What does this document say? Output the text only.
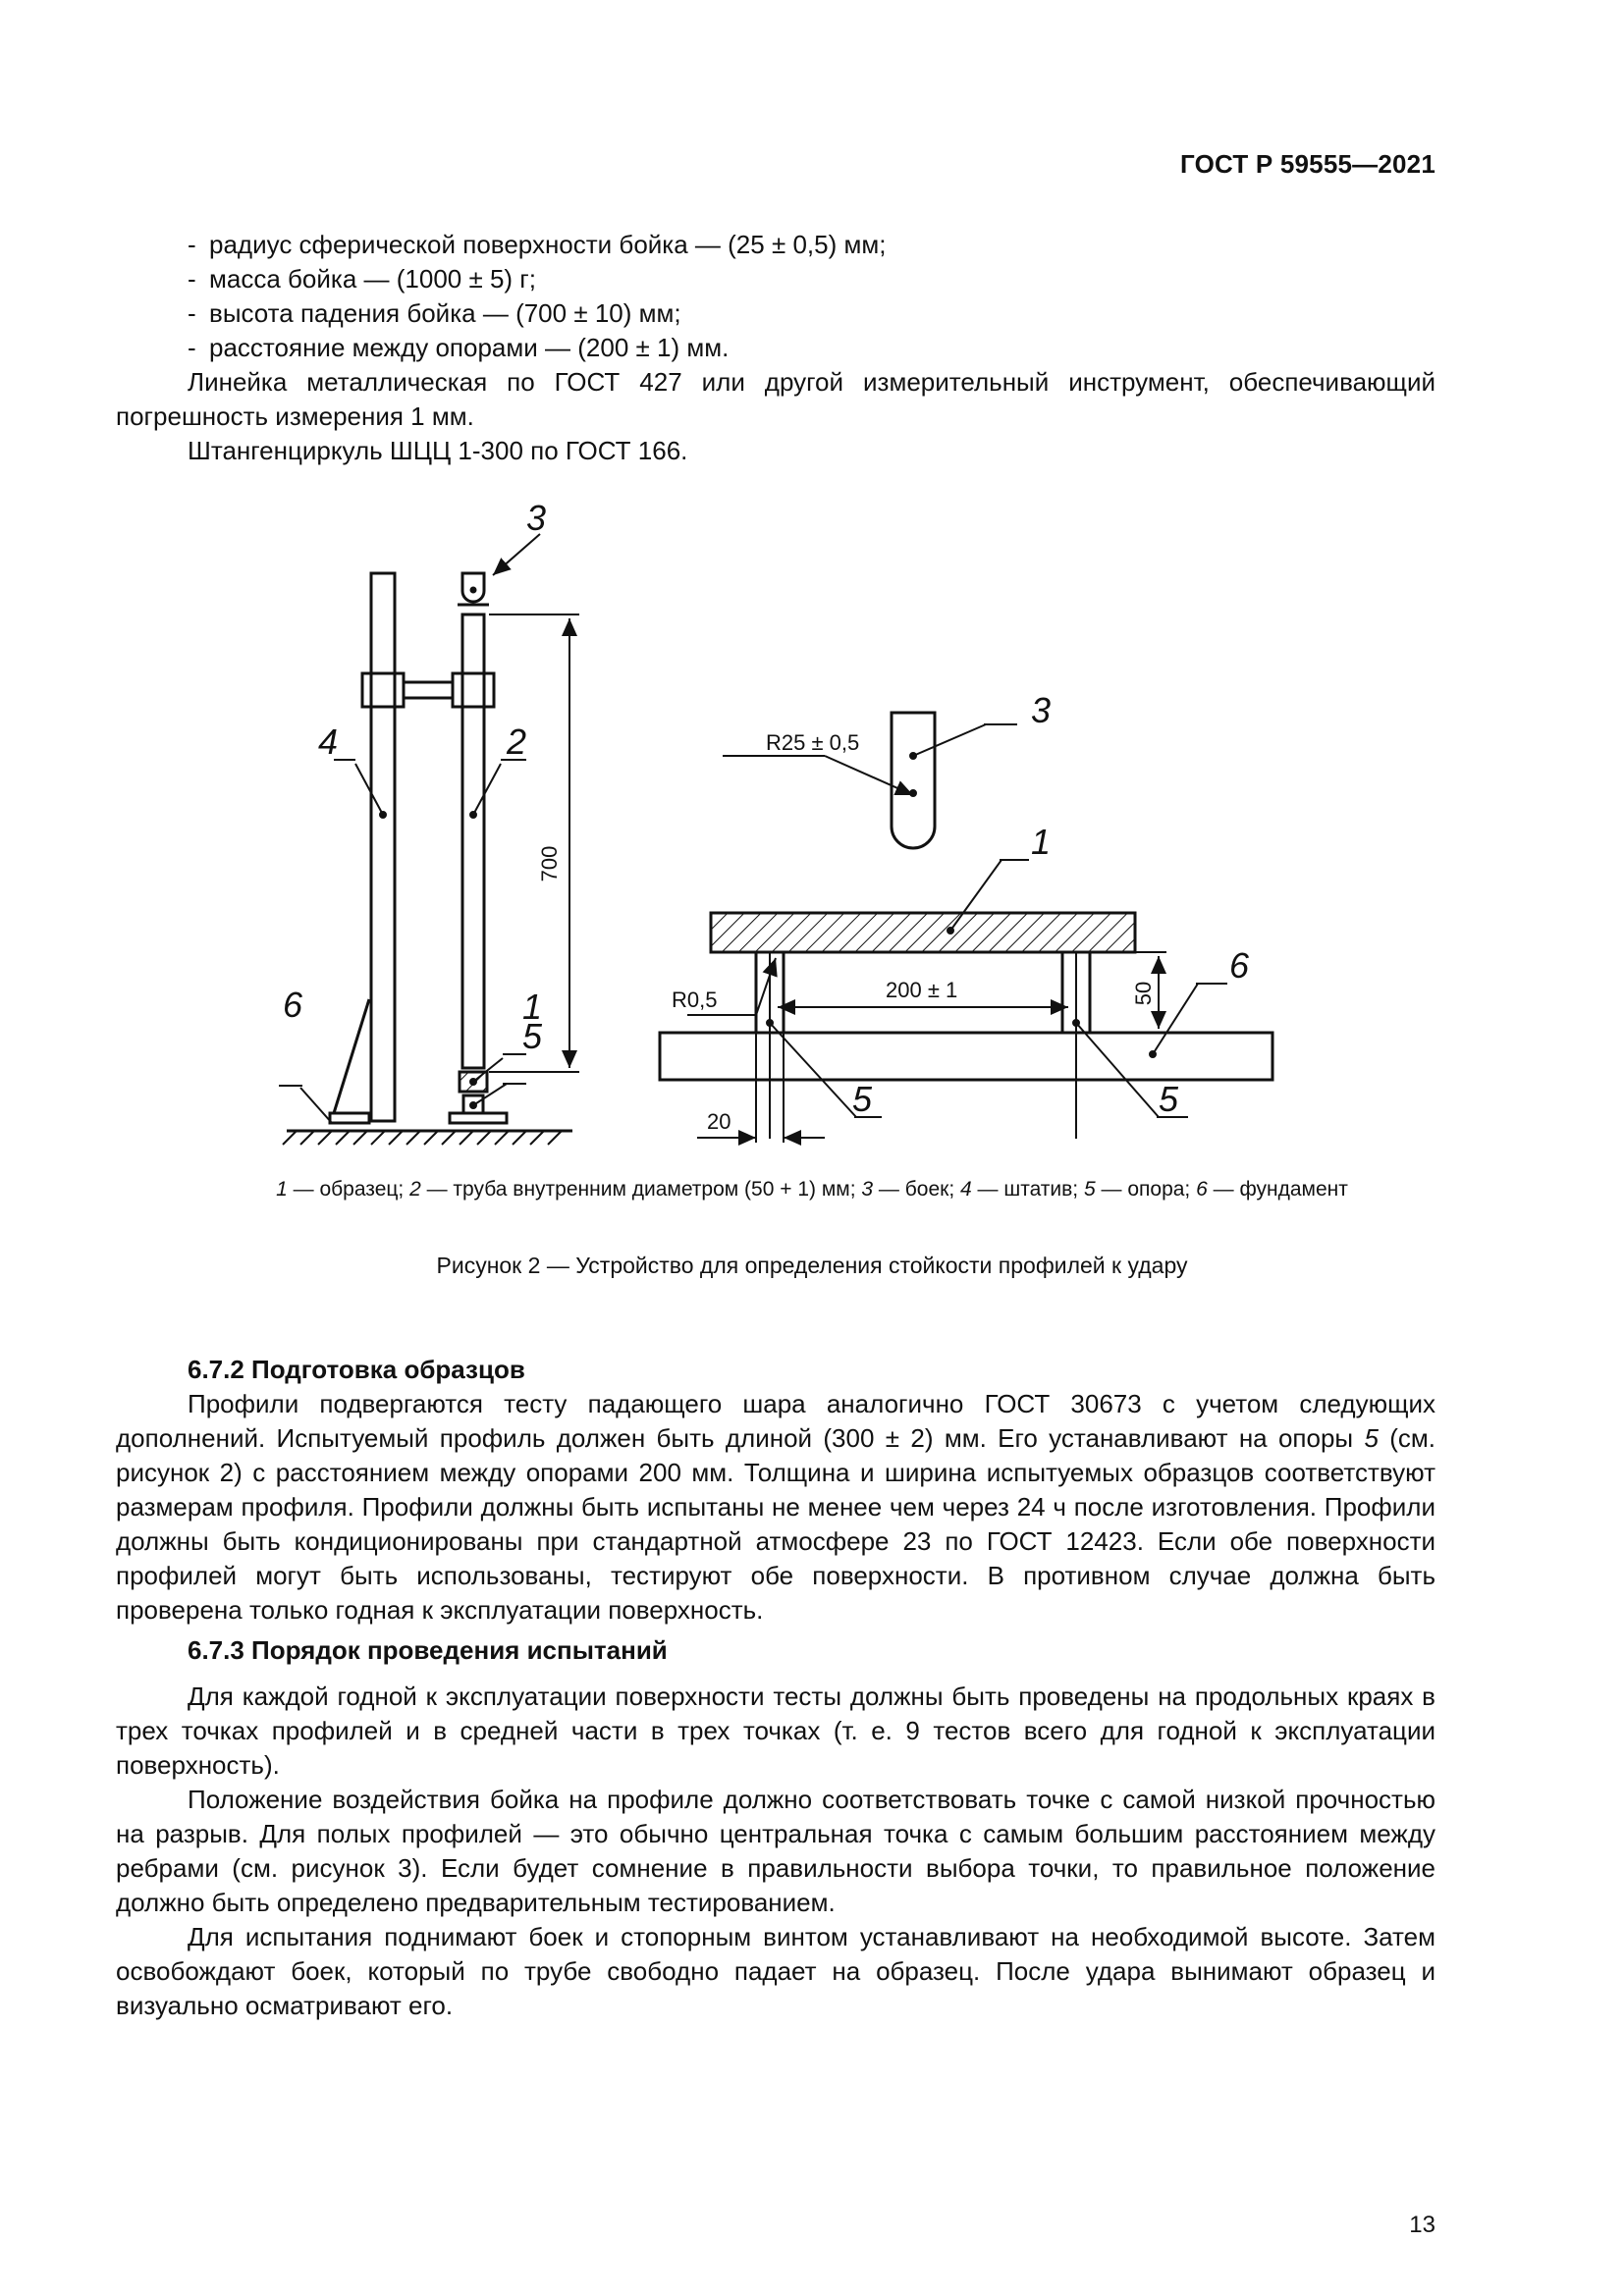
ГОСТ Р 59555—2021
- радиус сферической поверхности бойка — (25 ± 0,5) мм;
- масса бойка — (1000 ± 5) г;
- высота падения бойка — (700 ± 10) мм;
- расстояние между опорами — (200 ± 1) мм.

Линейка металлическая по ГОСТ 427 или другой измерительный инструмент, обеспечивающий погрешность измерения 1 мм.

Штангенциркуль ШЦЦ 1-300 по ГОСТ 166.

3
4	2
6	1
5
700
3
1
6
5	5
R25 ± 0,5
R0,5	200 ± 1
20
50
1 — образец; 2 — труба внутренним диаметром (50 + 1) мм; 3 — боек; 4 — штатив; 5 — опора; 6 — фундамент
Рисунок 2 — Устройство для определения стойкости профилей к удару

6.7.2 Подготовка образцов

Профили подвергаются тесту падающего шара аналогично ГОСТ 30673 с учетом следующих дополнений. Испытуемый профиль должен быть длиной (300 ± 2) мм. Его устанавливают на опоры 5 (см. рисунок 2) с расстоянием между опорами 200 мм. Толщина и ширина испытуемых образцов соответствуют размерам профиля. Профили должны быть испытаны не менее чем через 24 ч после изготовления. Профили должны быть кондиционированы при стандартной атмосфере 23 по ГОСТ 12423. Если обе поверхности профилей могут быть использованы, тестируют обе поверхности. В противном случае должна быть проверена только годная к эксплуатации поверхность.

6.7.3 Порядок проведения испытаний

Для каждой годной к эксплуатации поверхности тесты должны быть проведены на продольных краях в трех точках профилей и в средней части в трех точках (т. е. 9 тестов всего для годной к эксплуатации поверхность).

Положение воздействия бойка на профиле должно соответствовать точке с самой низкой прочностью на разрыв. Для полых профилей — это обычно центральная точка с самым большим расстоянием между ребрами (см. рисунок 3). Если будет сомнение в правильности выбора точки, то правильное положение должно быть определено предварительным тестированием.

Для испытания поднимают боек и стопорным винтом устанавливают на необходимой высоте. Затем освобождают боек, который по трубе свободно падает на образец. После удара вынимают образец и визуально осматривают его.

13
